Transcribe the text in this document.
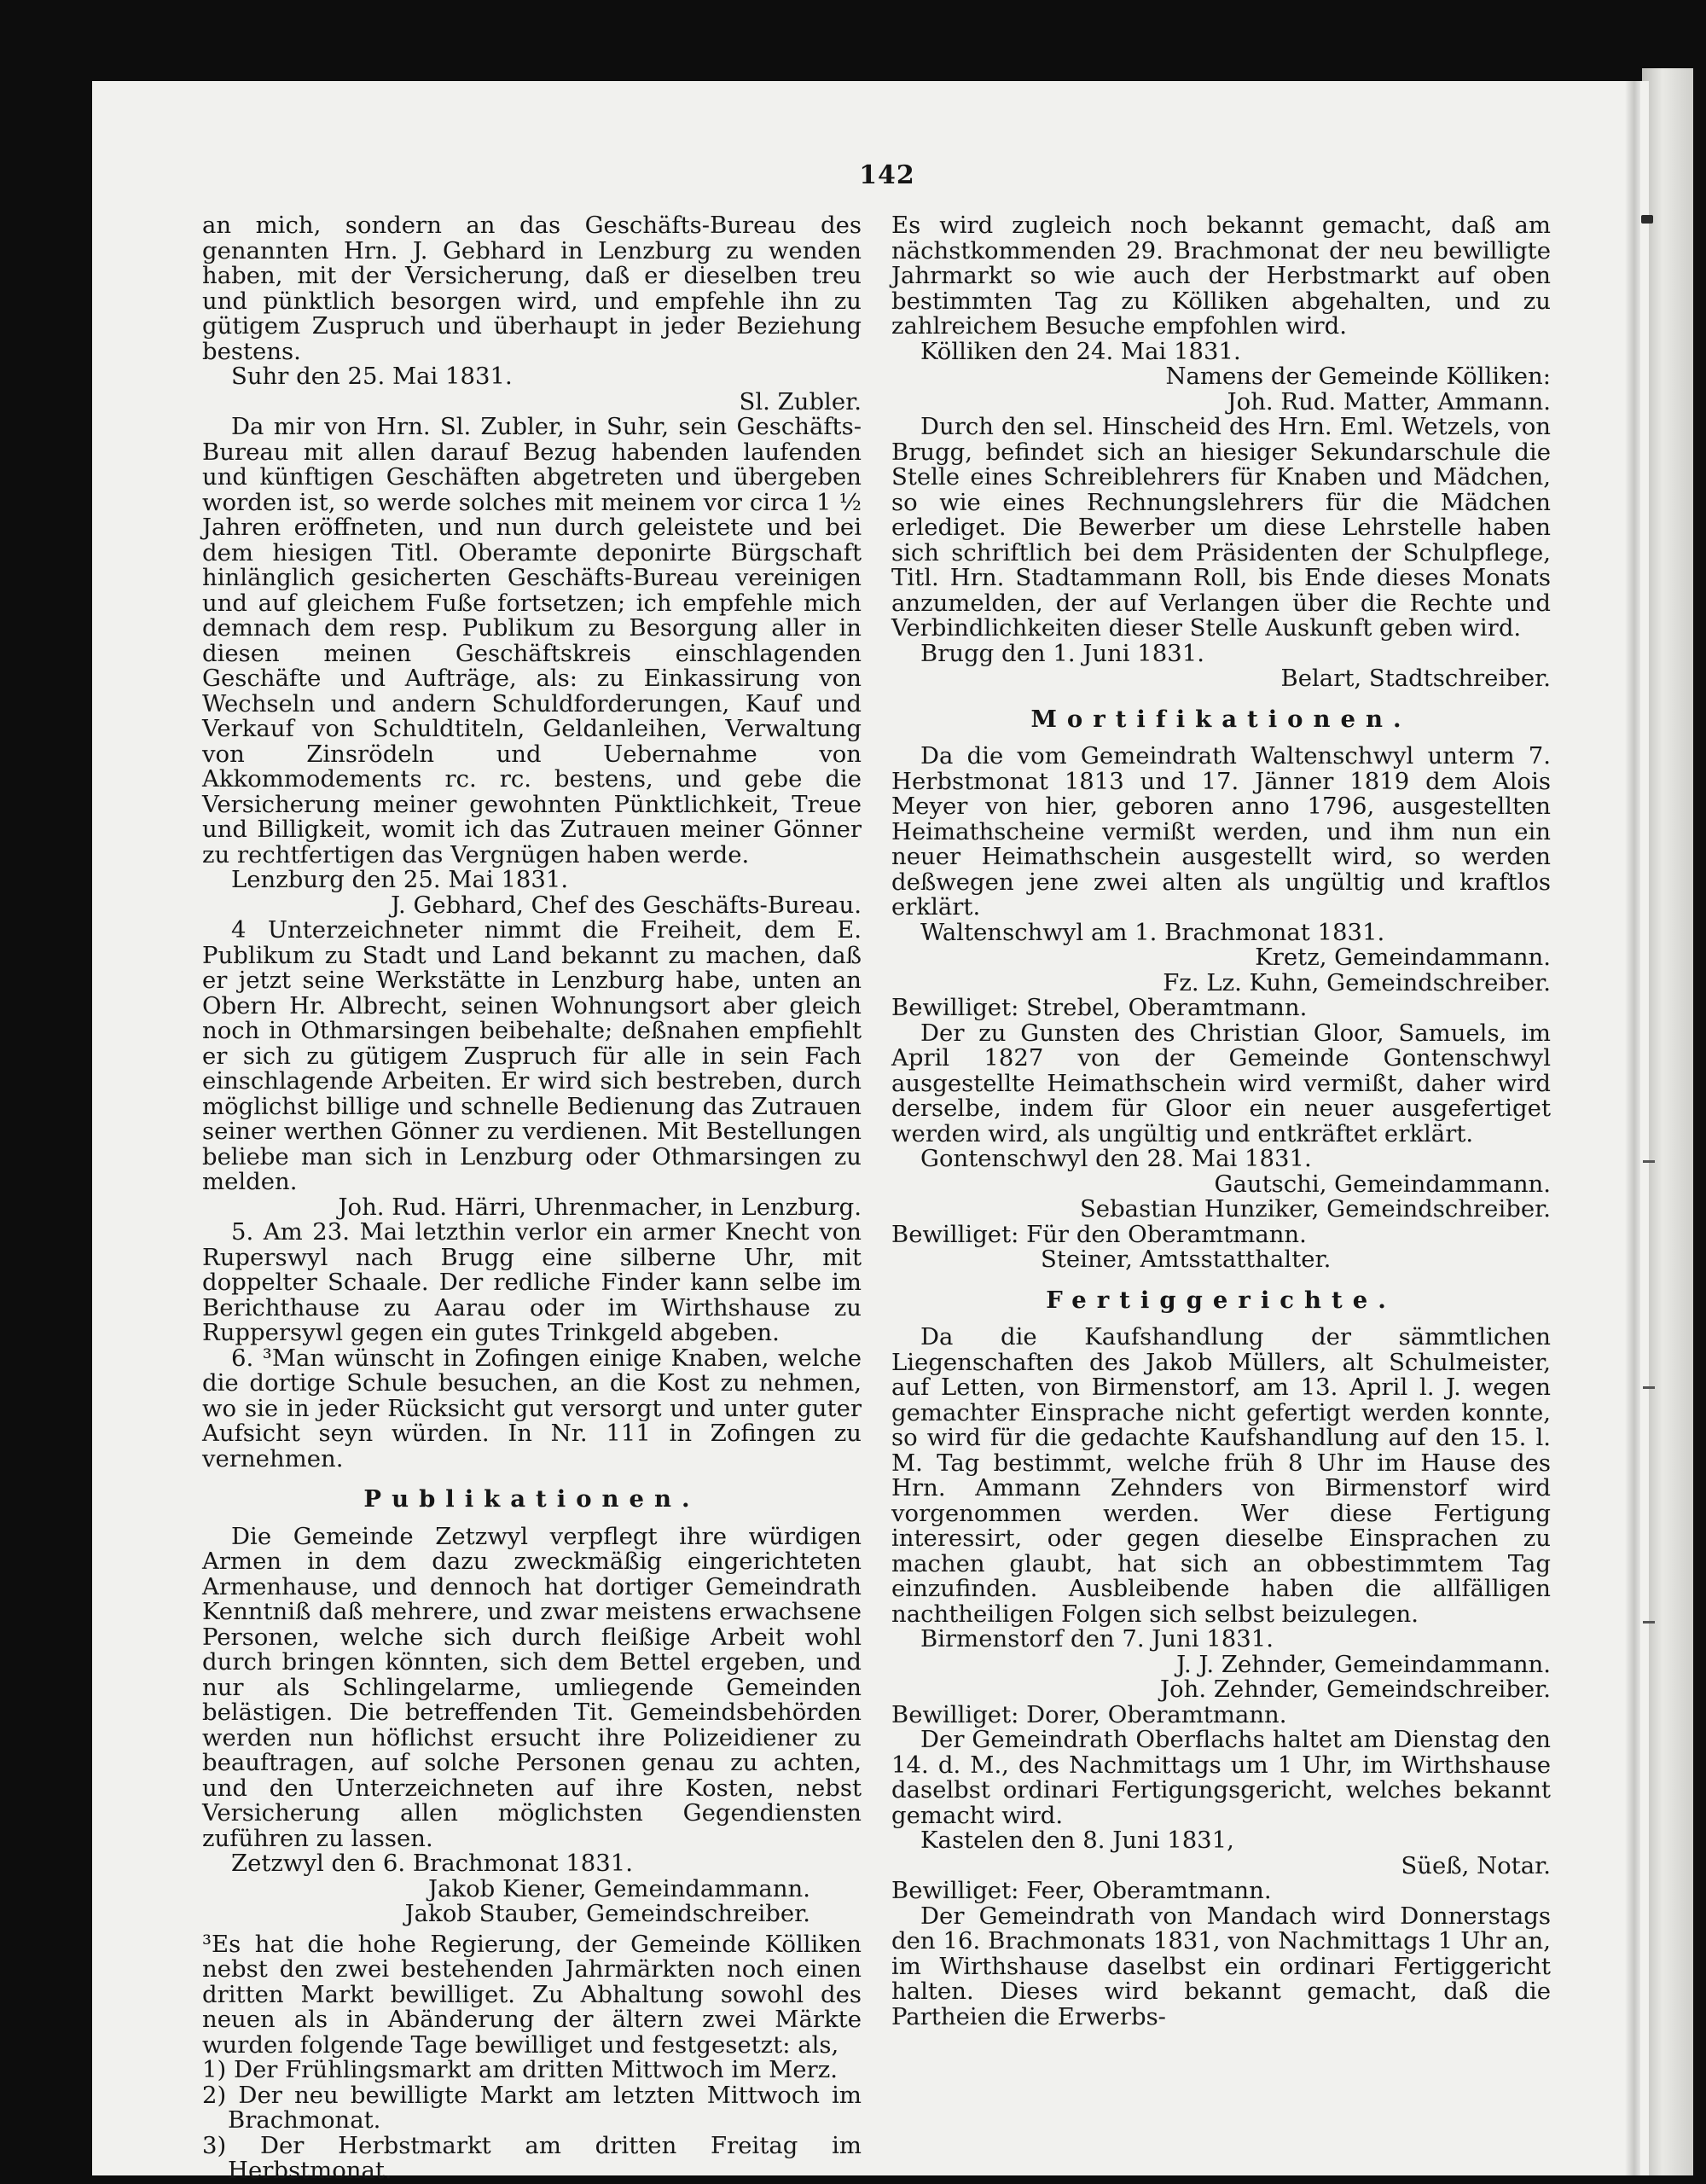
142

an mich, sondern an das Geschäfts-Bureau des genannten Hrn. J. Gebhard in Lenzburg zu wenden haben, mit der Versicherung, daß er dieselben treu und pünktlich besorgen wird, und empfehle ihn zu gütigem Zuspruch und überhaupt in jeder Beziehung bestens.

Suhr den 25. Mai 1831.

Sl. Zubler.

Da mir von Hrn. Sl. Zubler, in Suhr, sein Geschäfts-Bureau mit allen darauf Bezug habenden laufenden und künftigen Geschäften abgetreten und übergeben worden ist, so werde solches mit meinem vor circa 1 ½ Jahren eröffneten, und nun durch geleistete und bei dem hiesigen Titl. Oberamte deponirte Bürgschaft hinlänglich gesicherten Geschäfts-Bureau vereinigen und auf gleichem Fuße fortsetzen; ich empfehle mich demnach dem resp. Publikum zu Besorgung aller in diesen meinen Geschäftskreis einschlagenden Geschäfte und Aufträge, als: zu Einkassirung von Wechseln und andern Schuldforderungen, Kauf und Verkauf von Schuldtiteln, Geldanleihen, Verwaltung von Zinsrödeln und Uebernahme von Akkommodements rc. rc. bestens, und gebe die Versicherung meiner gewohnten Pünktlichkeit, Treue und Billigkeit, womit ich das Zutrauen meiner Gönner zu rechtfertigen das Vergnügen haben werde.

Lenzburg den 25. Mai 1831.

J. Gebhard, Chef des Geschäfts-Bureau.

4 Unterzeichneter nimmt die Freiheit, dem E. Publikum zu Stadt und Land bekannt zu machen, daß er jetzt seine Werkstätte in Lenzburg habe, unten an Obern Hr. Albrecht, seinen Wohnungsort aber gleich noch in Othmarsingen beibehalte; deßnahen empfiehlt er sich zu gütigem Zuspruch für alle in sein Fach einschlagende Arbeiten. Er wird sich bestreben, durch möglichst billige und schnelle Bedienung das Zutrauen seiner werthen Gönner zu verdienen. Mit Bestellungen beliebe man sich in Lenzburg oder Othmarsingen zu melden.

Joh. Rud. Härri, Uhrenmacher, in Lenzburg.

5. Am 23. Mai letzthin verlor ein armer Knecht von Ruperswyl nach Brugg eine silberne Uhr, mit doppelter Schaale. Der redliche Finder kann selbe im Berichthause zu Aarau oder im Wirthshause zu Ruppersywl gegen ein gutes Trinkgeld abgeben.

6. ³Man wünscht in Zofingen einige Knaben, welche die dortige Schule besuchen, an die Kost zu nehmen, wo sie in jeder Rücksicht gut versorgt und unter guter Aufsicht seyn würden. In Nr. 111 in Zofingen zu vernehmen.

Publikationen.

Die Gemeinde Zetzwyl verpflegt ihre würdigen Armen in dem dazu zweckmäßig eingerichteten Armenhause, und dennoch hat dortiger Gemeindrath Kenntniß daß mehrere, und zwar meistens erwachsene Personen, welche sich durch fleißige Arbeit wohl durch bringen könnten, sich dem Bettel ergeben, und nur als Schlingelarme, umliegende Gemeinden belästigen. Die betreffenden Tit. Gemeindsbehörden werden nun höflichst ersucht ihre Polizeidiener zu beauftragen, auf solche Personen genau zu achten, und den Unterzeichneten auf ihre Kosten, nebst Versicherung allen möglichsten Gegendiensten zuführen zu lassen.

Zetzwyl den 6. Brachmonat 1831.

Jakob Kiener, Gemeindammann.

Jakob Stauber, Gemeindschreiber.

³Es hat die hohe Regierung, der Gemeinde Kölliken nebst den zwei bestehenden Jahrmärkten noch einen dritten Markt bewilliget. Zu Abhaltung sowohl des neuen als in Abänderung der ältern zwei Märkte wurden folgende Tage bewilliget und festgesetzt: als,

1) Der Frühlingsmarkt am dritten Mittwoch im Merz.

2) Der neu bewilligte Markt am letzten Mittwoch im Brachmonat.

3) Der Herbstmarkt am dritten Freitag im Herbstmonat.

Es wird zugleich noch bekannt gemacht, daß am nächstkommenden 29. Brachmonat der neu bewilligte Jahrmarkt so wie auch der Herbstmarkt auf oben bestimmten Tag zu Kölliken abgehalten, und zu zahlreichem Besuche empfohlen wird.

Kölliken den 24. Mai 1831.

Namens der Gemeinde Kölliken:

Joh. Rud. Matter, Ammann.

Durch den sel. Hinscheid des Hrn. Eml. Wetzels, von Brugg, befindet sich an hiesiger Sekundarschule die Stelle eines Schreiblehrers für Knaben und Mädchen, so wie eines Rechnungslehrers für die Mädchen erlediget. Die Bewerber um diese Lehrstelle haben sich schriftlich bei dem Präsidenten der Schulpflege, Titl. Hrn. Stadtammann Roll, bis Ende dieses Monats anzumelden, der auf Verlangen über die Rechte und Verbindlichkeiten dieser Stelle Auskunft geben wird.

Brugg den 1. Juni 1831.

Belart, Stadtschreiber.

Mortifikationen.

Da die vom Gemeindrath Waltenschwyl unterm 7. Herbstmonat 1813 und 17. Jänner 1819 dem Alois Meyer von hier, geboren anno 1796, ausgestellten Heimathscheine vermißt werden, und ihm nun ein neuer Heimathschein ausgestellt wird, so werden deßwegen jene zwei alten als ungültig und kraftlos erklärt.

Waltenschwyl am 1. Brachmonat 1831.

Kretz, Gemeindammann.

Fz. Lz. Kuhn, Gemeindschreiber.

Bewilliget: Strebel, Oberamtmann.

Der zu Gunsten des Christian Gloor, Samuels, im April 1827 von der Gemeinde Gontenschwyl ausgestellte Heimathschein wird vermißt, daher wird derselbe, indem für Gloor ein neuer ausgefertiget werden wird, als ungültig und entkräftet erklärt.

Gontenschwyl den 28. Mai 1831.

Gautschi, Gemeindammann.

Sebastian Hunziker, Gemeindschreiber.

Bewilliget: Für den Oberamtmann.

Steiner, Amtsstatthalter.

Fertiggerichte.

Da die Kaufshandlung der sämmtlichen Liegenschaften des Jakob Müllers, alt Schulmeister, auf Letten, von Birmenstorf, am 13. April l. J. wegen gemachter Einsprache nicht gefertigt werden konnte, so wird für die gedachte Kaufshandlung auf den 15. l. M. Tag bestimmt, welche früh 8 Uhr im Hause des Hrn. Ammann Zehnders von Birmenstorf wird vorgenommen werden. Wer diese Fertigung interessirt, oder gegen dieselbe Einsprachen zu machen glaubt, hat sich an obbestimmtem Tag einzufinden. Ausbleibende haben die allfälligen nachtheiligen Folgen sich selbst beizulegen.

Birmenstorf den 7. Juni 1831.

J. J. Zehnder, Gemeindammann.

Joh. Zehnder, Gemeindschreiber.

Bewilliget: Dorer, Oberamtmann.

Der Gemeindrath Oberflachs haltet am Dienstag den 14. d. M., des Nachmittags um 1 Uhr, im Wirthshause daselbst ordinari Fertigungsgericht, welches bekannt gemacht wird.

Kastelen den 8. Juni 1831,

Süeß, Notar.

Bewilliget: Feer, Oberamtmann.

Der Gemeindrath von Mandach wird Donnerstags den 16. Brachmonats 1831, von Nachmittags 1 Uhr an, im Wirthshause daselbst ein ordinari Fertiggericht halten. Dieses wird bekannt gemacht, daß die Partheien die Erwerbs-
